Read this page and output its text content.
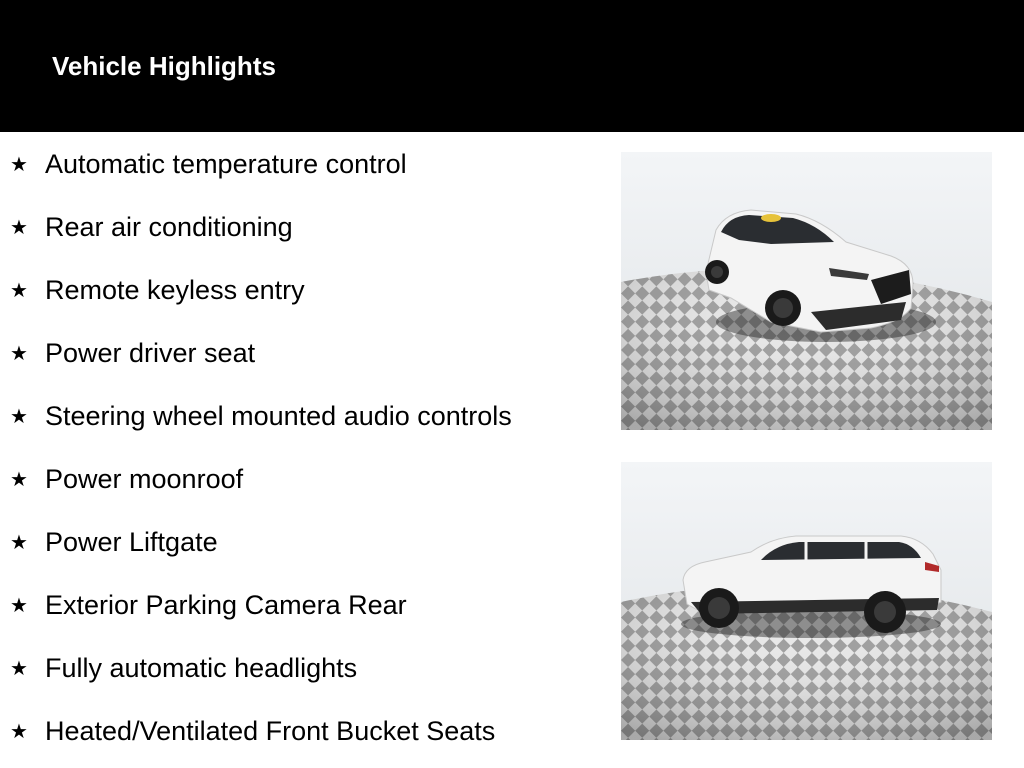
Vehicle Highlights
★ Automatic temperature control
★ Rear air conditioning
★ Remote keyless entry
★ Power driver seat
★ Steering wheel mounted audio controls
★ Power moonroof
★ Power Liftgate
★ Exterior Parking Camera Rear
★ Fully automatic headlights
★ Heated/Ventilated Front Bucket Seats
